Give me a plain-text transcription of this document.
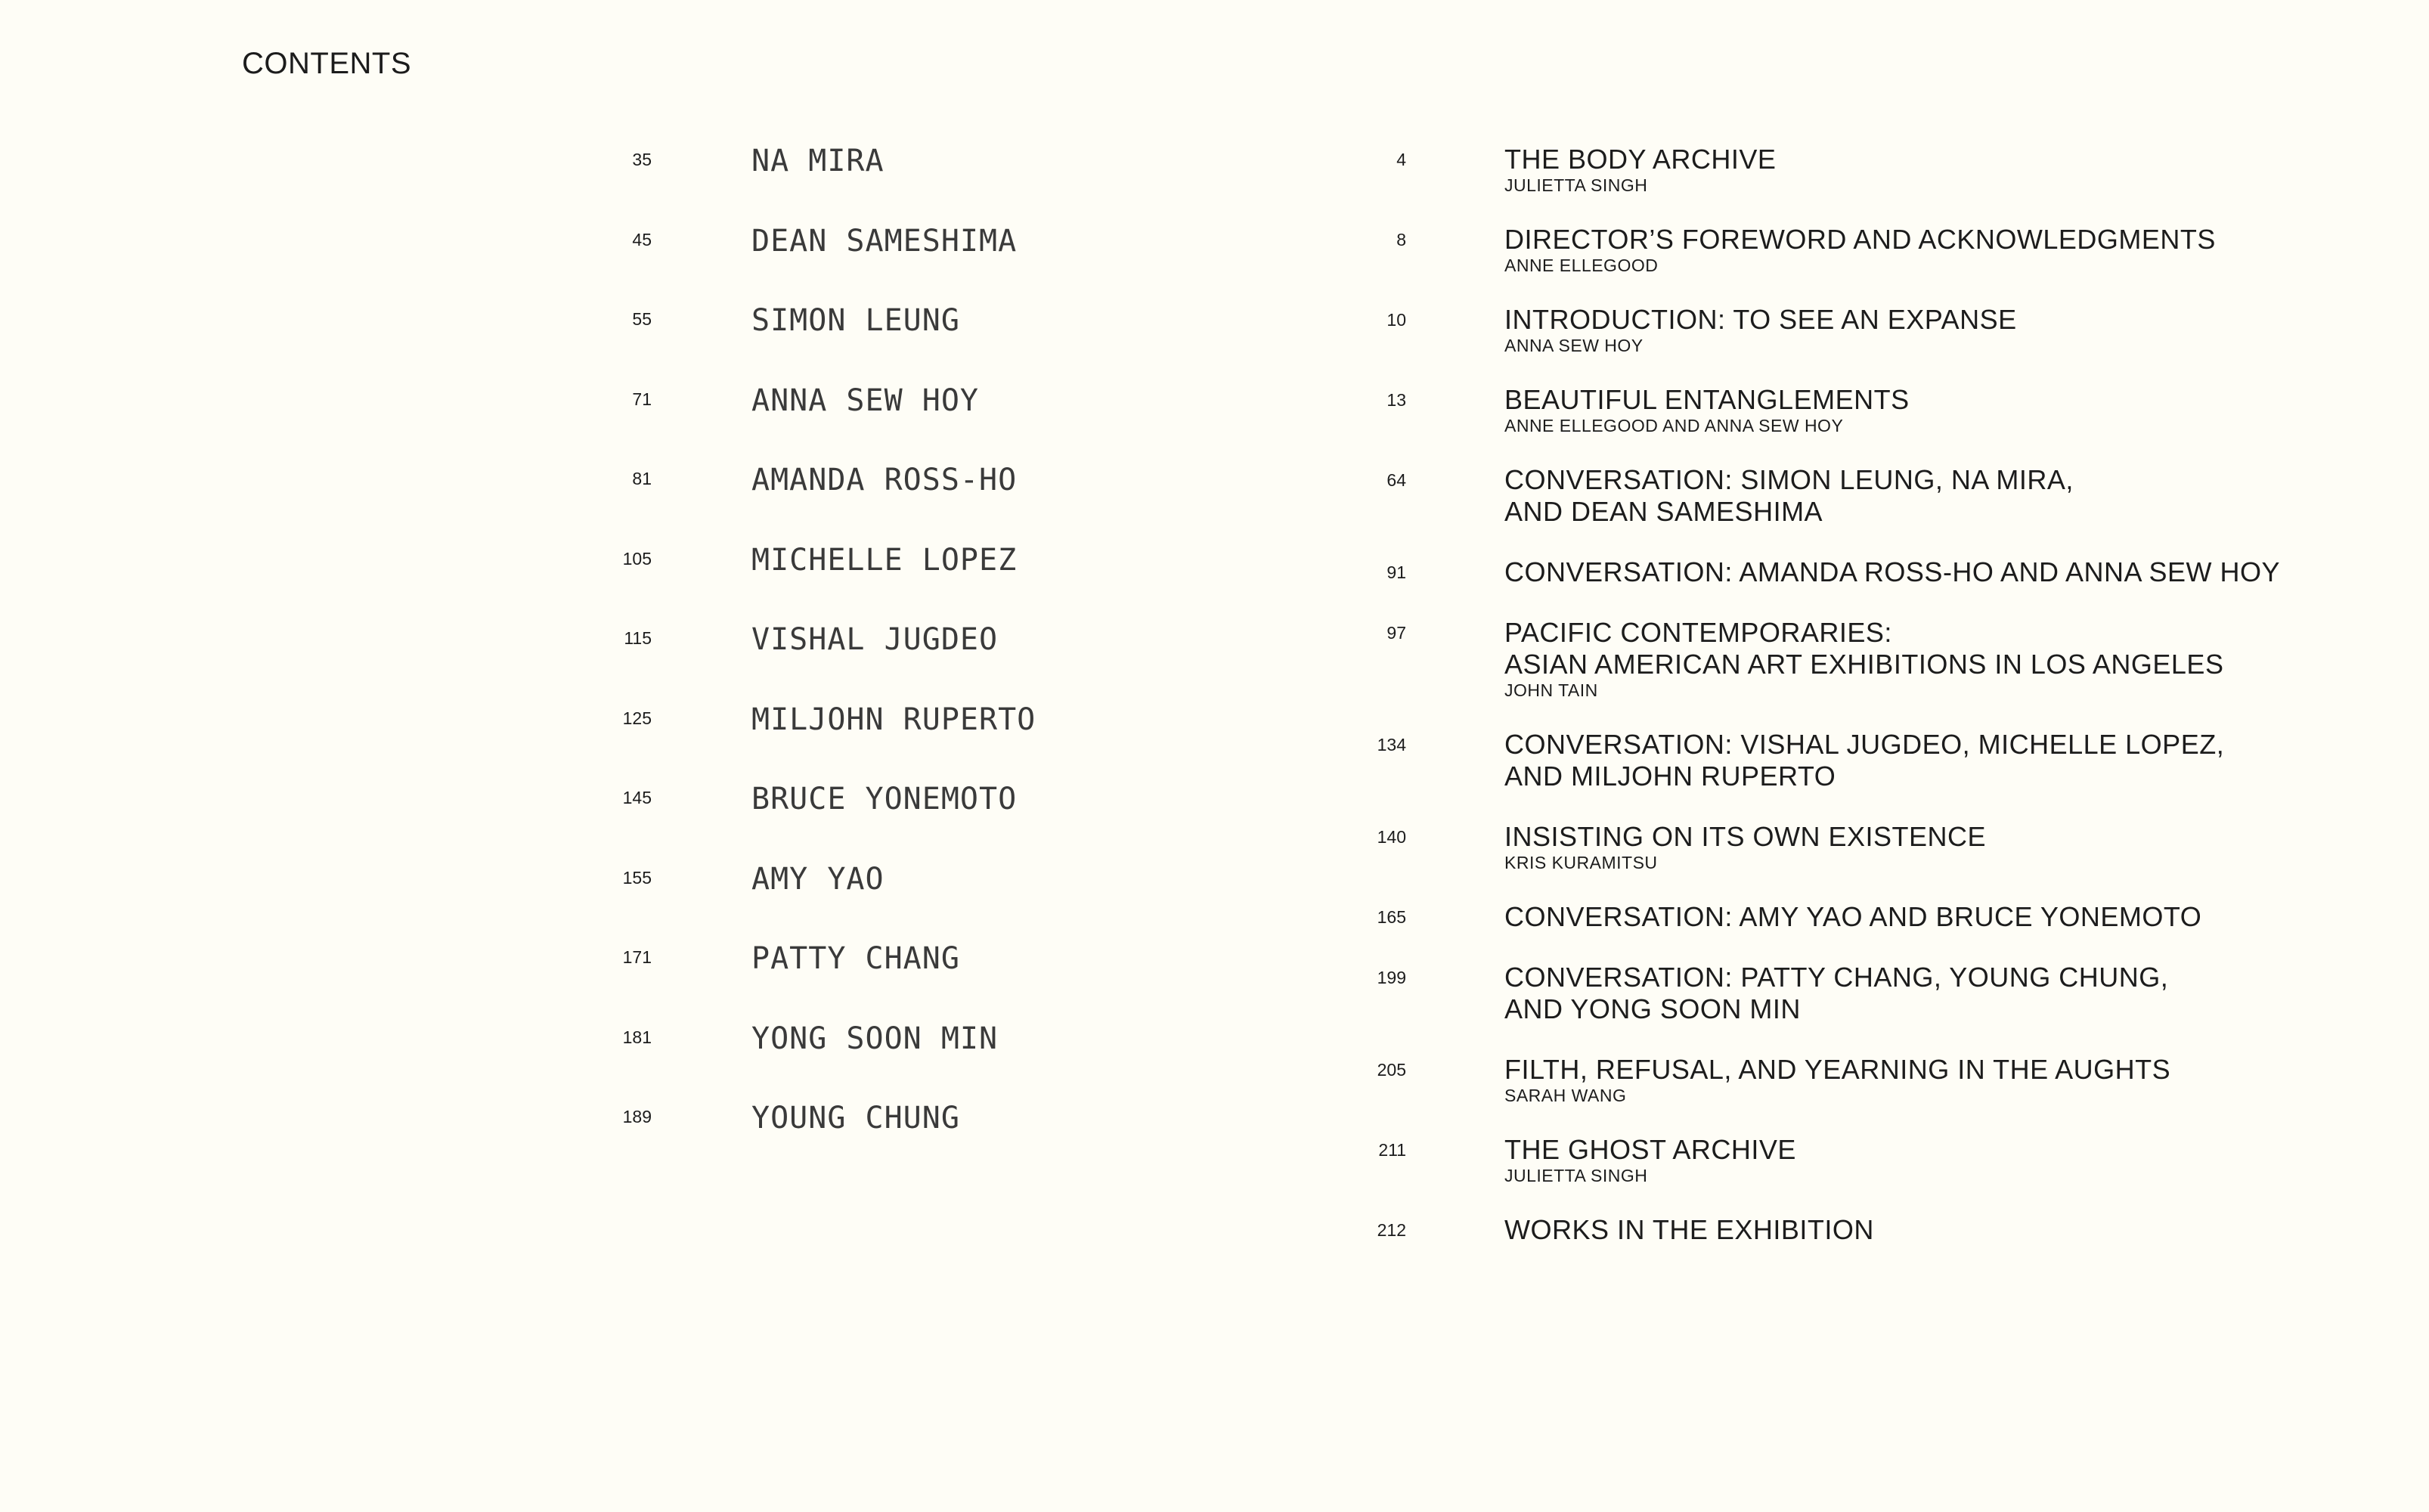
CONTENTS
35	NA MIRA
45	DEAN SAMESHIMA
55	SIMON LEUNG
71	ANNA SEW HOY
81	AMANDA ROSS-HO
105	MICHELLE LOPEZ
115	VISHAL JUGDEO
125	MILJOHN RUPERTO
145	BRUCE YONEMOTO
155	AMY YAO
171	PATTY CHANG
181	YONG SOON MIN
189	YOUNG CHUNG
4	THE BODY ARCHIVE
JULIETTA SINGH
8	DIRECTOR’S FOREWORD AND ACKNOWLEDGMENTS
ANNE ELLEGOOD
10	INTRODUCTION: TO SEE AN EXPANSE
ANNA SEW HOY
13	BEAUTIFUL ENTANGLEMENTS
ANNE ELLEGOOD AND ANNA SEW HOY
64	CONVERSATION: SIMON LEUNG, NA MIRA,
AND DEAN SAMESHIMA
91	CONVERSATION: AMANDA ROSS-HO AND ANNA SEW HOY
97	PACIFIC CONTEMPORARIES:
ASIAN AMERICAN ART EXHIBITIONS IN LOS ANGELES
JOHN TAIN
134	CONVERSATION: VISHAL JUGDEO, MICHELLE LOPEZ,
AND MILJOHN RUPERTO
140	INSISTING ON ITS OWN EXISTENCE
KRIS KURAMITSU
165	CONVERSATION: AMY YAO AND BRUCE YONEMOTO
199	CONVERSATION: PATTY CHANG, YOUNG CHUNG,
AND YONG SOON MIN
205	FILTH, REFUSAL, AND YEARNING IN THE AUGHTS
SARAH WANG
211	THE GHOST ARCHIVE
JULIETTA SINGH
212	WORKS IN THE EXHIBITION
